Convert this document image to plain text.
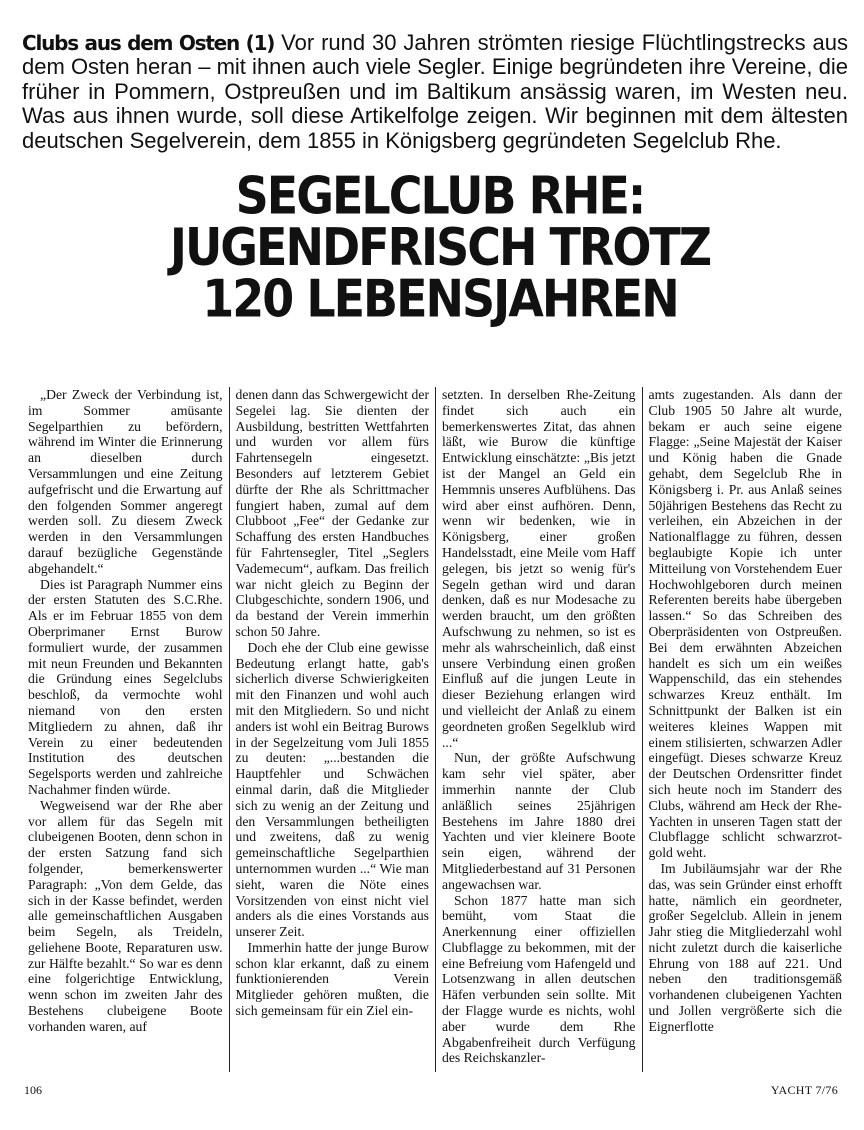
Clubs aus dem Osten (1) Vor rund 30 Jahren strömten riesige Flüchtlingstrecks aus dem Osten heran – mit ihnen auch viele Segler. Einige begründeten ihre Vereine, die früher in Pommern, Ostpreußen und im Baltikum ansässig waren, im Westen neu. Was aus ihnen wurde, soll diese Artikelfolge zeigen. Wir beginnen mit dem ältesten deutschen Segelverein, dem 1855 in Königsberg gegründeten Segelclub Rhe.
SEGELCLUB RHE:
JUGENDFRISCH TROTZ
120 LEBENSJAHREN

„Der Zweck der Verbindung ist, im Sommer amüsante Segelparthien zu befördern, während im Winter die Erinnerung an dieselben durch Versammlungen und eine Zeitung aufgefrischt und die Erwartung auf den folgenden Sommer angeregt werden soll. Zu diesem Zweck werden in den Versammlungen darauf bezügliche Gegenstände abgehandelt.“

Dies ist Paragraph Nummer eins der ersten Statuten des S.C.Rhe. Als er im Februar 1855 von dem Oberprimaner Ernst Burow formuliert wurde, der zusammen mit neun Freunden und Bekannten die Gründung eines Segelclubs beschloß, da vermochte wohl niemand von den ersten Mitgliedern zu ahnen, daß ihr Verein zu einer bedeutenden Institution des deutschen Segelsports werden und zahlreiche Nachahmer finden würde.

Wegweisend war der Rhe aber vor allem für das Segeln mit clubeigenen Booten, denn schon in der ersten Satzung fand sich folgender, bemerkenswerter Paragraph: „Von dem Gelde, das sich in der Kasse befindet, werden alle gemeinschaftlichen Ausgaben beim Segeln, als Treideln, geliehene Boote, Reparaturen usw. zur Hälfte bezahlt.“ So war es denn eine folgerichtige Entwicklung, wenn schon im zweiten Jahr des Bestehens clubeigene Boote vorhanden waren, auf

denen dann das Schwergewicht der Segelei lag. Sie dienten der Ausbildung, bestritten Wettfahrten und wurden vor allem fürs Fahrtensegeln eingesetzt. Besonders auf letzterem Gebiet dürfte der Rhe als Schrittmacher fungiert haben, zumal auf dem Clubboot „Fee“ der Gedanke zur Schaffung des ersten Handbuches für Fahrtensegler, Titel „Seglers Vademecum“, aufkam. Das freilich war nicht gleich zu Beginn der Clubgeschichte, sondern 1906, und da bestand der Verein immerhin schon 50 Jahre.

Doch ehe der Club eine gewisse Bedeutung erlangt hatte, gab's sicherlich diverse Schwierigkeiten mit den Finanzen und wohl auch mit den Mitgliedern. So und nicht anders ist wohl ein Beitrag Burows in der Segelzeitung vom Juli 1855 zu deuten: „...bestanden die Hauptfehler und Schwächen einmal darin, daß die Mitglieder sich zu wenig an der Zeitung und den Versammlungen betheiligten und zweitens, daß zu wenig gemeinschaftliche Segelparthien unternommen wurden ...“ Wie man sieht, waren die Nöte eines Vorsitzenden von einst nicht viel anders als die eines Vorstands aus unserer Zeit.

Immerhin hatte der junge Burow schon klar erkannt, daß zu einem funktionierenden Verein Mitglieder gehören mußten, die sich gemeinsam für ein Ziel ein-

setzten. In derselben Rhe-Zeitung findet sich auch ein bemerkenswertes Zitat, das ahnen läßt, wie Burow die künftige Entwicklung einschätzte: „Bis jetzt ist der Mangel an Geld ein Hemmnis unseres Aufblühens. Das wird aber einst aufhören. Denn, wenn wir bedenken, wie in Königsberg, einer großen Handelsstadt, eine Meile vom Haff gelegen, bis jetzt so wenig für's Segeln gethan wird und daran denken, daß es nur Modesache zu werden braucht, um den größten Aufschwung zu nehmen, so ist es mehr als wahrscheinlich, daß einst unsere Verbindung einen großen Einfluß auf die jungen Leute in dieser Beziehung erlangen wird und vielleicht der Anlaß zu einem geordneten großen Segelklub wird ...“

Nun, der größte Aufschwung kam sehr viel später, aber immerhin nannte der Club anläßlich seines 25jährigen Bestehens im Jahre 1880 drei Yachten und vier kleinere Boote sein eigen, während der Mitgliederbestand auf 31 Personen angewachsen war.

Schon 1877 hatte man sich bemüht, vom Staat die Anerkennung einer offiziellen Clubflagge zu bekommen, mit der eine Befreiung vom Hafengeld und Lotsenzwang in allen deutschen Häfen verbunden sein sollte. Mit der Flagge wurde es nichts, wohl aber wurde dem Rhe Abgabenfreiheit durch Verfügung des Reichskanzler-

amts zugestanden. Als dann der Club 1905 50 Jahre alt wurde, bekam er auch seine eigene Flagge: „Seine Majestät der Kaiser und König haben die Gnade gehabt, dem Segelclub Rhe in Königsberg i. Pr. aus Anlaß seines 50jährigen Bestehens das Recht zu verleihen, ein Abzeichen in der Nationalflagge zu führen, dessen beglaubigte Kopie ich unter Mitteilung von Vorstehendem Euer Hochwohlgeboren durch meinen Referenten bereits habe übergeben lassen.“ So das Schreiben des Oberpräsidenten von Ostpreußen. Bei dem erwähnten Abzeichen handelt es sich um ein weißes Wappenschild, das ein stehendes schwarzes Kreuz enthält. Im Schnittpunkt der Balken ist ein weiteres kleines Wappen mit einem stilisierten, schwarzen Adler eingefügt. Dieses schwarze Kreuz der Deutschen Ordensritter findet sich heute noch im Standerr des Clubs, während am Heck der Rhe-Yachten in unseren Tagen statt der Clubflagge schlicht schwarzrot-gold weht.

Im Jubiläumsjahr war der Rhe das, was sein Gründer einst erhofft hatte, nämlich ein geordneter, großer Segelclub. Allein in jenem Jahr stieg die Mitgliederzahl wohl nicht zuletzt durch die kaiserliche Ehrung von 188 auf 221. Und neben den traditionsgemäß vorhandenen clubeigenen Yachten und Jollen vergrößerte sich die Eignerflotte

106	YACHT 7/76
